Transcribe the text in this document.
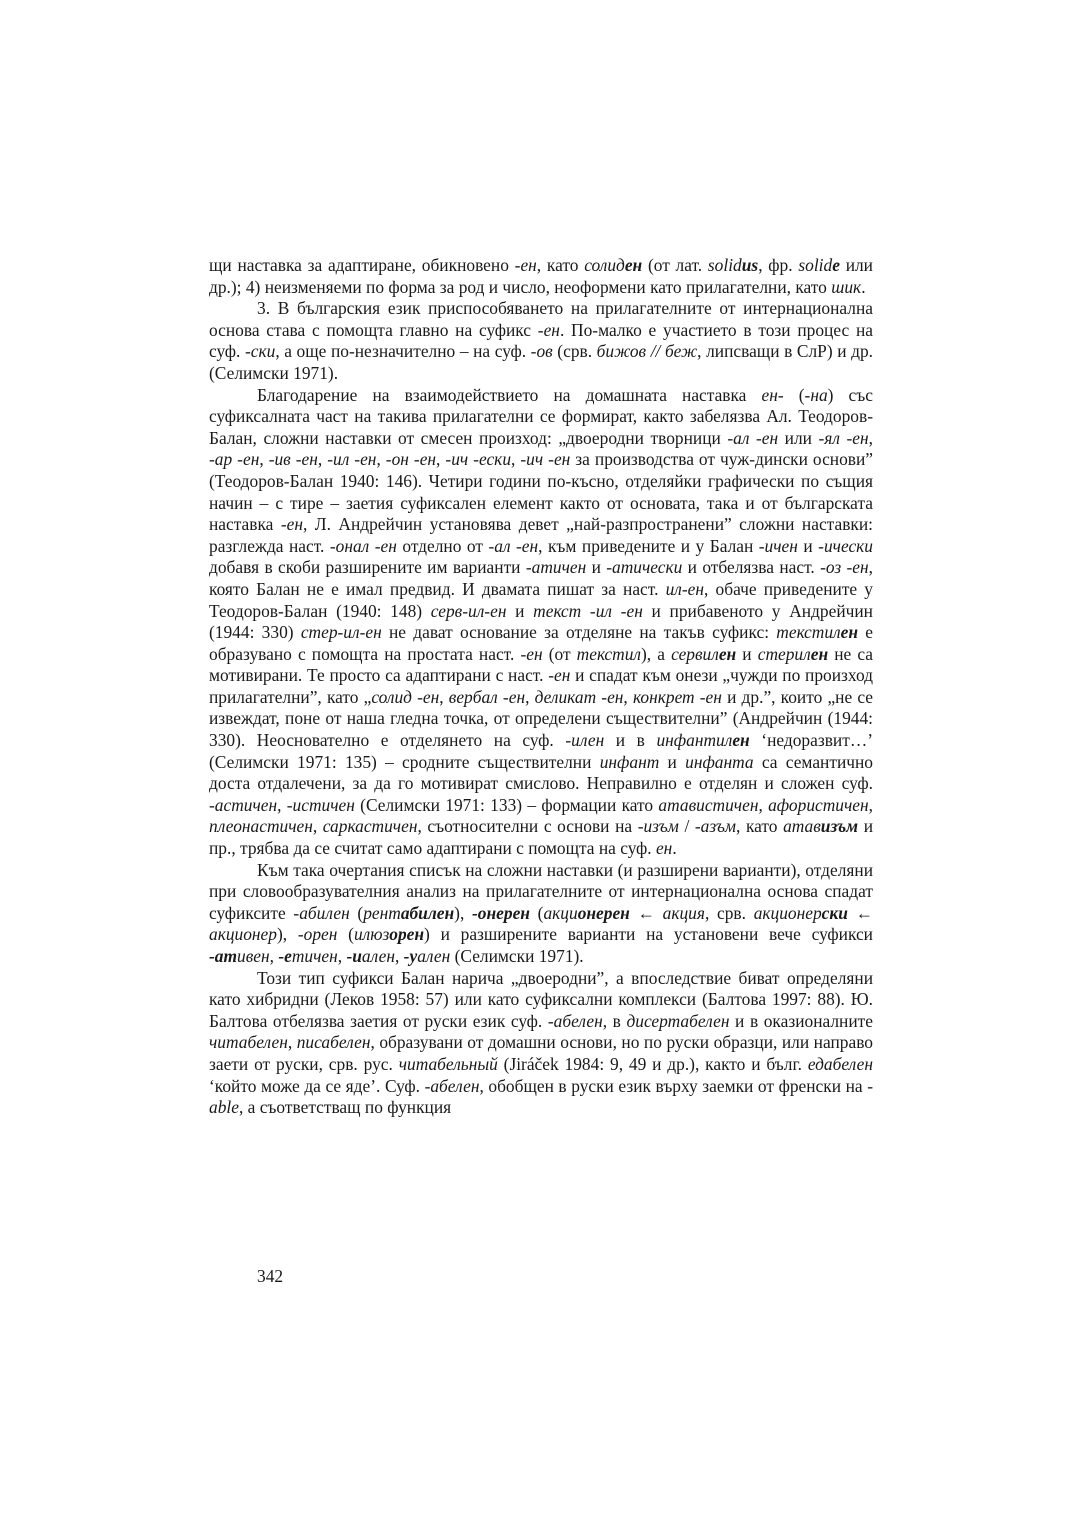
щи наставка за адаптиране, обикновено -ен, като солиден (от лат. solidus, фр. solide или др.); 4) неизменяеми по форма за род и число, неоформени като прилагателни, като шик.

3. В българския език приспособяването на прилагателните от интернационална основа става с помощта главно на суфикс -ен. По-малко е участието в този процес на суф. -ски, а още по-незначително – на суф. -ов (срв. бижов // беж, липсващи в СлР) и др. (Селимски 1971).

Благодарение на взаимодействието на домашната наставка ен- (-на) със суфиксалната част на такива прилагателни се формират, както забелязва Ал. Теодоров-Балан, сложни наставки от смесен произход: „двоеродни творници -ал -ен или -ял -ен, -ар -ен, -ив -ен, -ил -ен, -он -ен, -ич -ески, -ич -ен за производства от чуж-дински основи” (Теодоров-Балан 1940: 146). Четири години по-късно, отделяйки графически по същия начин – с тире – заетия суфиксален елемент както от основата, така и от българската наставка -ен, Л. Андрейчин установява девет „най-разпространени” сложни наставки: разглежда наст. -онал -ен отделно от -ал -ен, към приведените и у Балан -ичен и -ически добавя в скоби разширените им варианти -атичен и -атически и отбелязва наст. -оз -ен, която Балан не е имал предвид. И двамата пишат за наст. ил-ен, обаче приведените у Теодоров-Балан (1940: 148) серв-ил-ен и текст -ил -ен и прибавеното у Андрейчин (1944: 330) стер-ил-ен не дават основание за отделяне на такъв суфикс: текстилен е образувано с помощта на простата наст. -ен (от текстил), а сервилен и стерилен не са мотивирани. Те просто са адаптирани с наст. -ен и спадат към онези „чужди по произход прилагателни”, като „солид -ен, вербал -ен, деликат -ен, конкрет -ен и др.”, които „не се извеждат, поне от наша гледна точка, от определени съществителни” (Андрейчин (1944: 330). Неоснователно е отделянето на суф. -илен и в инфантилен ‘недоразвит…’ (Селимски 1971: 135) – сродните съществителни инфант и инфанта са семантично доста отдалечени, за да го мотивират смислово. Неправилно е отделян и сложен суф. -астичен, -истичен (Селимски 1971: 133) – формации като атавистичен, афористичен, плеонастичен, саркастичен, съотносителни с основи на -изъм / -азъм, като атавизъм и пр., трябва да се считат само адаптирани с помощта на суф. ен.

Към така очертания списък на сложни наставки (и разширени варианти), отделяни при словообразувателния анализ на прилагателните от интернационална основа спадат суфиксите -абилен (рентабилен), -онерен (акционерен ← акция, срв. акционерски ← акционер), -орен (илюзорен) и разширените варианти на установени вече суфикси -ативен, -етичен, -иален, -уален (Селимски 1971).

Този тип суфикси Балан нарича „двоеродни”, а впоследствие биват определяни като хибридни (Леков 1958: 57) или като суфиксални комплекси (Балтова 1997: 88). Ю. Балтова отбелязва заетия от руски език суф. -абелен, в дисертабелен и в оказионалните читабелен, писабелен, образувани от домашни основи, но по руски образци, или направо заети от руски, срв. рус. читабельный (Jiráček 1984: 9, 49 и др.), както и бълг. едабелен ‘който може да се яде’. Суф. -абелен, обобщен в руски език върху заемки от френски на -able, а съответстващ по функция

342
